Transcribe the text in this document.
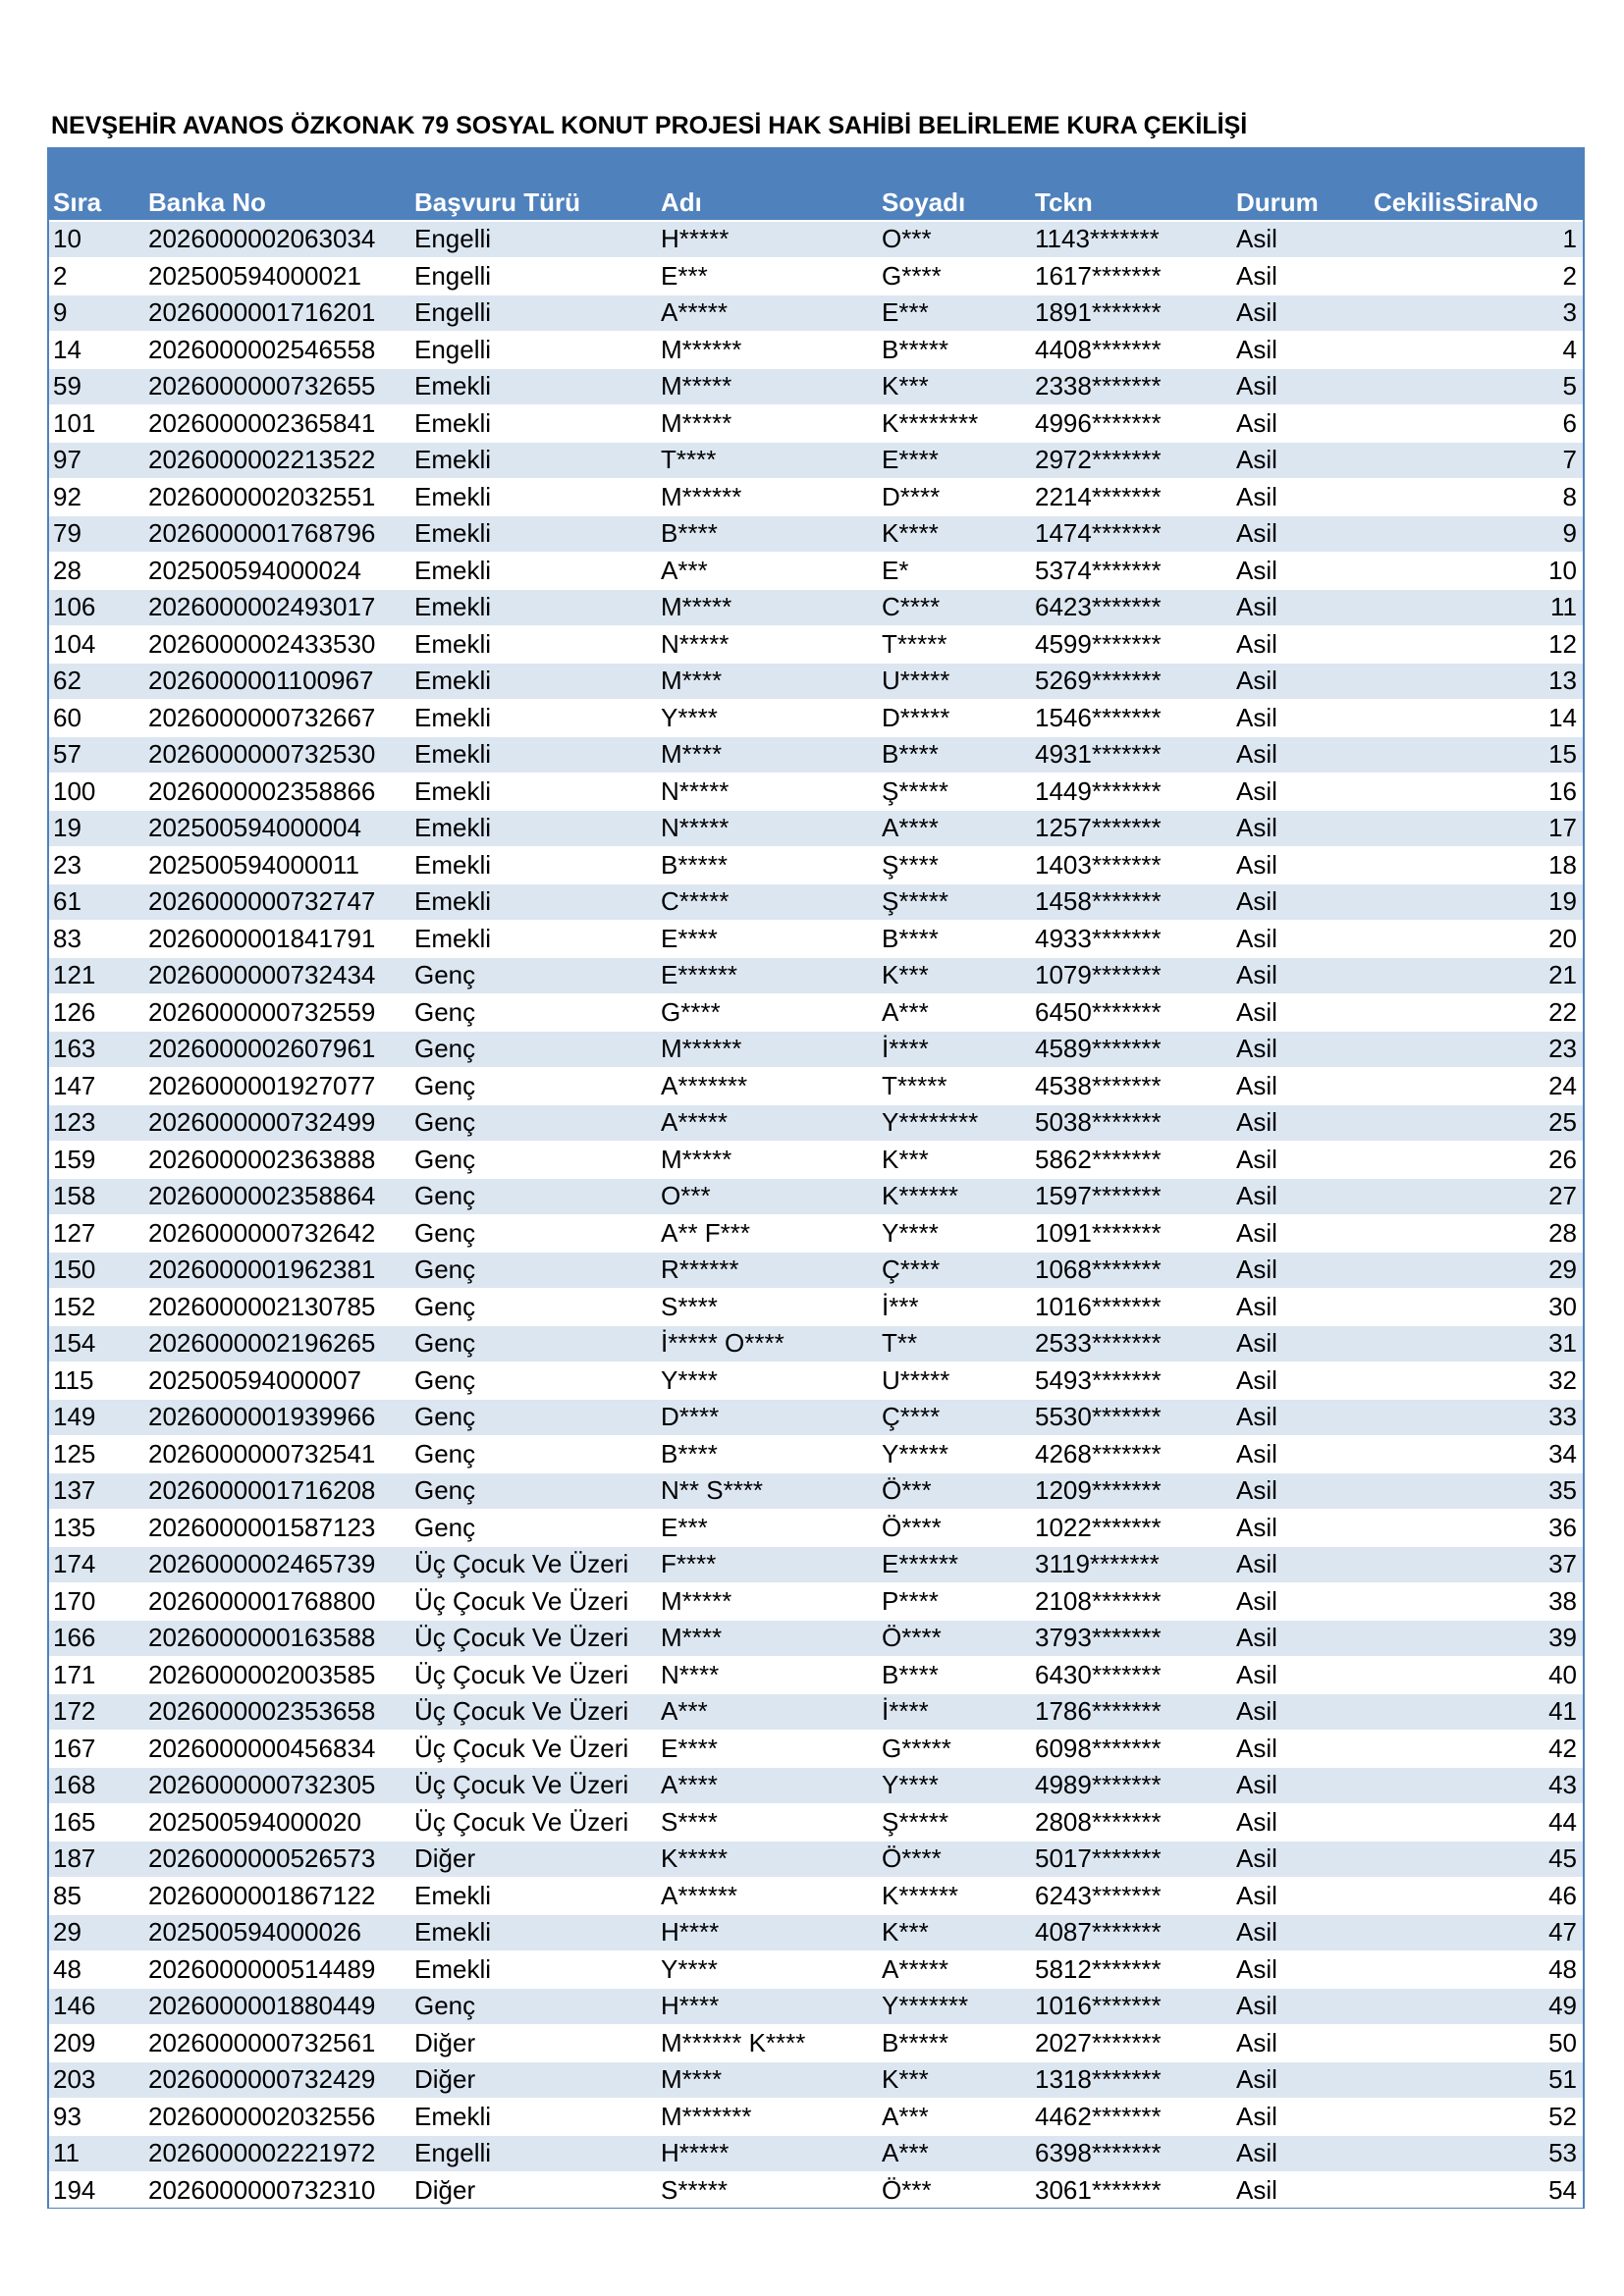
NEVŞEHİR AVANOS ÖZKONAK 79 SOSYAL KONUT PROJESİ HAK SAHİBİ BELİRLEME KURA ÇEKİLİŞİ
Sıra	Banka No	Başvuru Türü	Adı	Soyadı	Tckn	Durum	CekilisSiraNo
10	2026000002063034	Engelli	H*****	O***	1143*******	Asil	1
2	202500594000021	Engelli	E***	G****	1617*******	Asil	2
9	2026000001716201	Engelli	A*****	E***	1891*******	Asil	3
14	2026000002546558	Engelli	M******	B*****	4408*******	Asil	4
59	2026000000732655	Emekli	M*****	K***	2338*******	Asil	5
101	2026000002365841	Emekli	M*****	K********	4996*******	Asil	6
97	2026000002213522	Emekli	T****	E****	2972*******	Asil	7
92	2026000002032551	Emekli	M******	D****	2214*******	Asil	8
79	2026000001768796	Emekli	B****	K****	1474*******	Asil	9
28	202500594000024	Emekli	A***	E*	5374*******	Asil	10
106	2026000002493017	Emekli	M*****	C****	6423*******	Asil	11
104	2026000002433530	Emekli	N*****	T*****	4599*******	Asil	12
62	2026000001100967	Emekli	M****	U*****	5269*******	Asil	13
60	2026000000732667	Emekli	Y****	D*****	1546*******	Asil	14
57	2026000000732530	Emekli	M****	B****	4931*******	Asil	15
100	2026000002358866	Emekli	N*****	Ş*****	1449*******	Asil	16
19	202500594000004	Emekli	N*****	A****	1257*******	Asil	17
23	202500594000011	Emekli	B*****	Ş****	1403*******	Asil	18
61	2026000000732747	Emekli	C*****	Ş*****	1458*******	Asil	19
83	2026000001841791	Emekli	E****	B****	4933*******	Asil	20
121	2026000000732434	Genç	E******	K***	1079*******	Asil	21
126	2026000000732559	Genç	G****	A***	6450*******	Asil	22
163	2026000002607961	Genç	M******	İ****	4589*******	Asil	23
147	2026000001927077	Genç	A*******	T*****	4538*******	Asil	24
123	2026000000732499	Genç	A*****	Y********	5038*******	Asil	25
159	2026000002363888	Genç	M*****	K***	5862*******	Asil	26
158	2026000002358864	Genç	O***	K******	1597*******	Asil	27
127	2026000000732642	Genç	A** F***	Y****	1091*******	Asil	28
150	2026000001962381	Genç	R******	Ç****	1068*******	Asil	29
152	2026000002130785	Genç	S****	İ***	1016*******	Asil	30
154	2026000002196265	Genç	İ***** O****	T**	2533*******	Asil	31
115	202500594000007	Genç	Y****	U*****	5493*******	Asil	32
149	2026000001939966	Genç	D****	Ç****	5530*******	Asil	33
125	2026000000732541	Genç	B****	Y*****	4268*******	Asil	34
137	2026000001716208	Genç	N** S****	Ö***	1209*******	Asil	35
135	2026000001587123	Genç	E***	Ö****	1022*******	Asil	36
174	2026000002465739	Üç Çocuk Ve Üzeri	F****	E******	3119*******	Asil	37
170	2026000001768800	Üç Çocuk Ve Üzeri	M*****	P****	2108*******	Asil	38
166	2026000000163588	Üç Çocuk Ve Üzeri	M****	Ö****	3793*******	Asil	39
171	2026000002003585	Üç Çocuk Ve Üzeri	N****	B****	6430*******	Asil	40
172	2026000002353658	Üç Çocuk Ve Üzeri	A***	İ****	1786*******	Asil	41
167	2026000000456834	Üç Çocuk Ve Üzeri	E****	G*****	6098*******	Asil	42
168	2026000000732305	Üç Çocuk Ve Üzeri	A****	Y****	4989*******	Asil	43
165	202500594000020	Üç Çocuk Ve Üzeri	S****	Ş*****	2808*******	Asil	44
187	2026000000526573	Diğer	K*****	Ö****	5017*******	Asil	45
85	2026000001867122	Emekli	A******	K******	6243*******	Asil	46
29	202500594000026	Emekli	H****	K***	4087*******	Asil	47
48	2026000000514489	Emekli	Y****	A*****	5812*******	Asil	48
146	2026000001880449	Genç	H****	Y*******	1016*******	Asil	49
209	2026000000732561	Diğer	M****** K****	B*****	2027*******	Asil	50
203	2026000000732429	Diğer	M****	K***	1318*******	Asil	51
93	2026000002032556	Emekli	M*******	A***	4462*******	Asil	52
11	2026000002221972	Engelli	H*****	A***	6398*******	Asil	53
194	2026000000732310	Diğer	S*****	Ö***	3061*******	Asil	54
